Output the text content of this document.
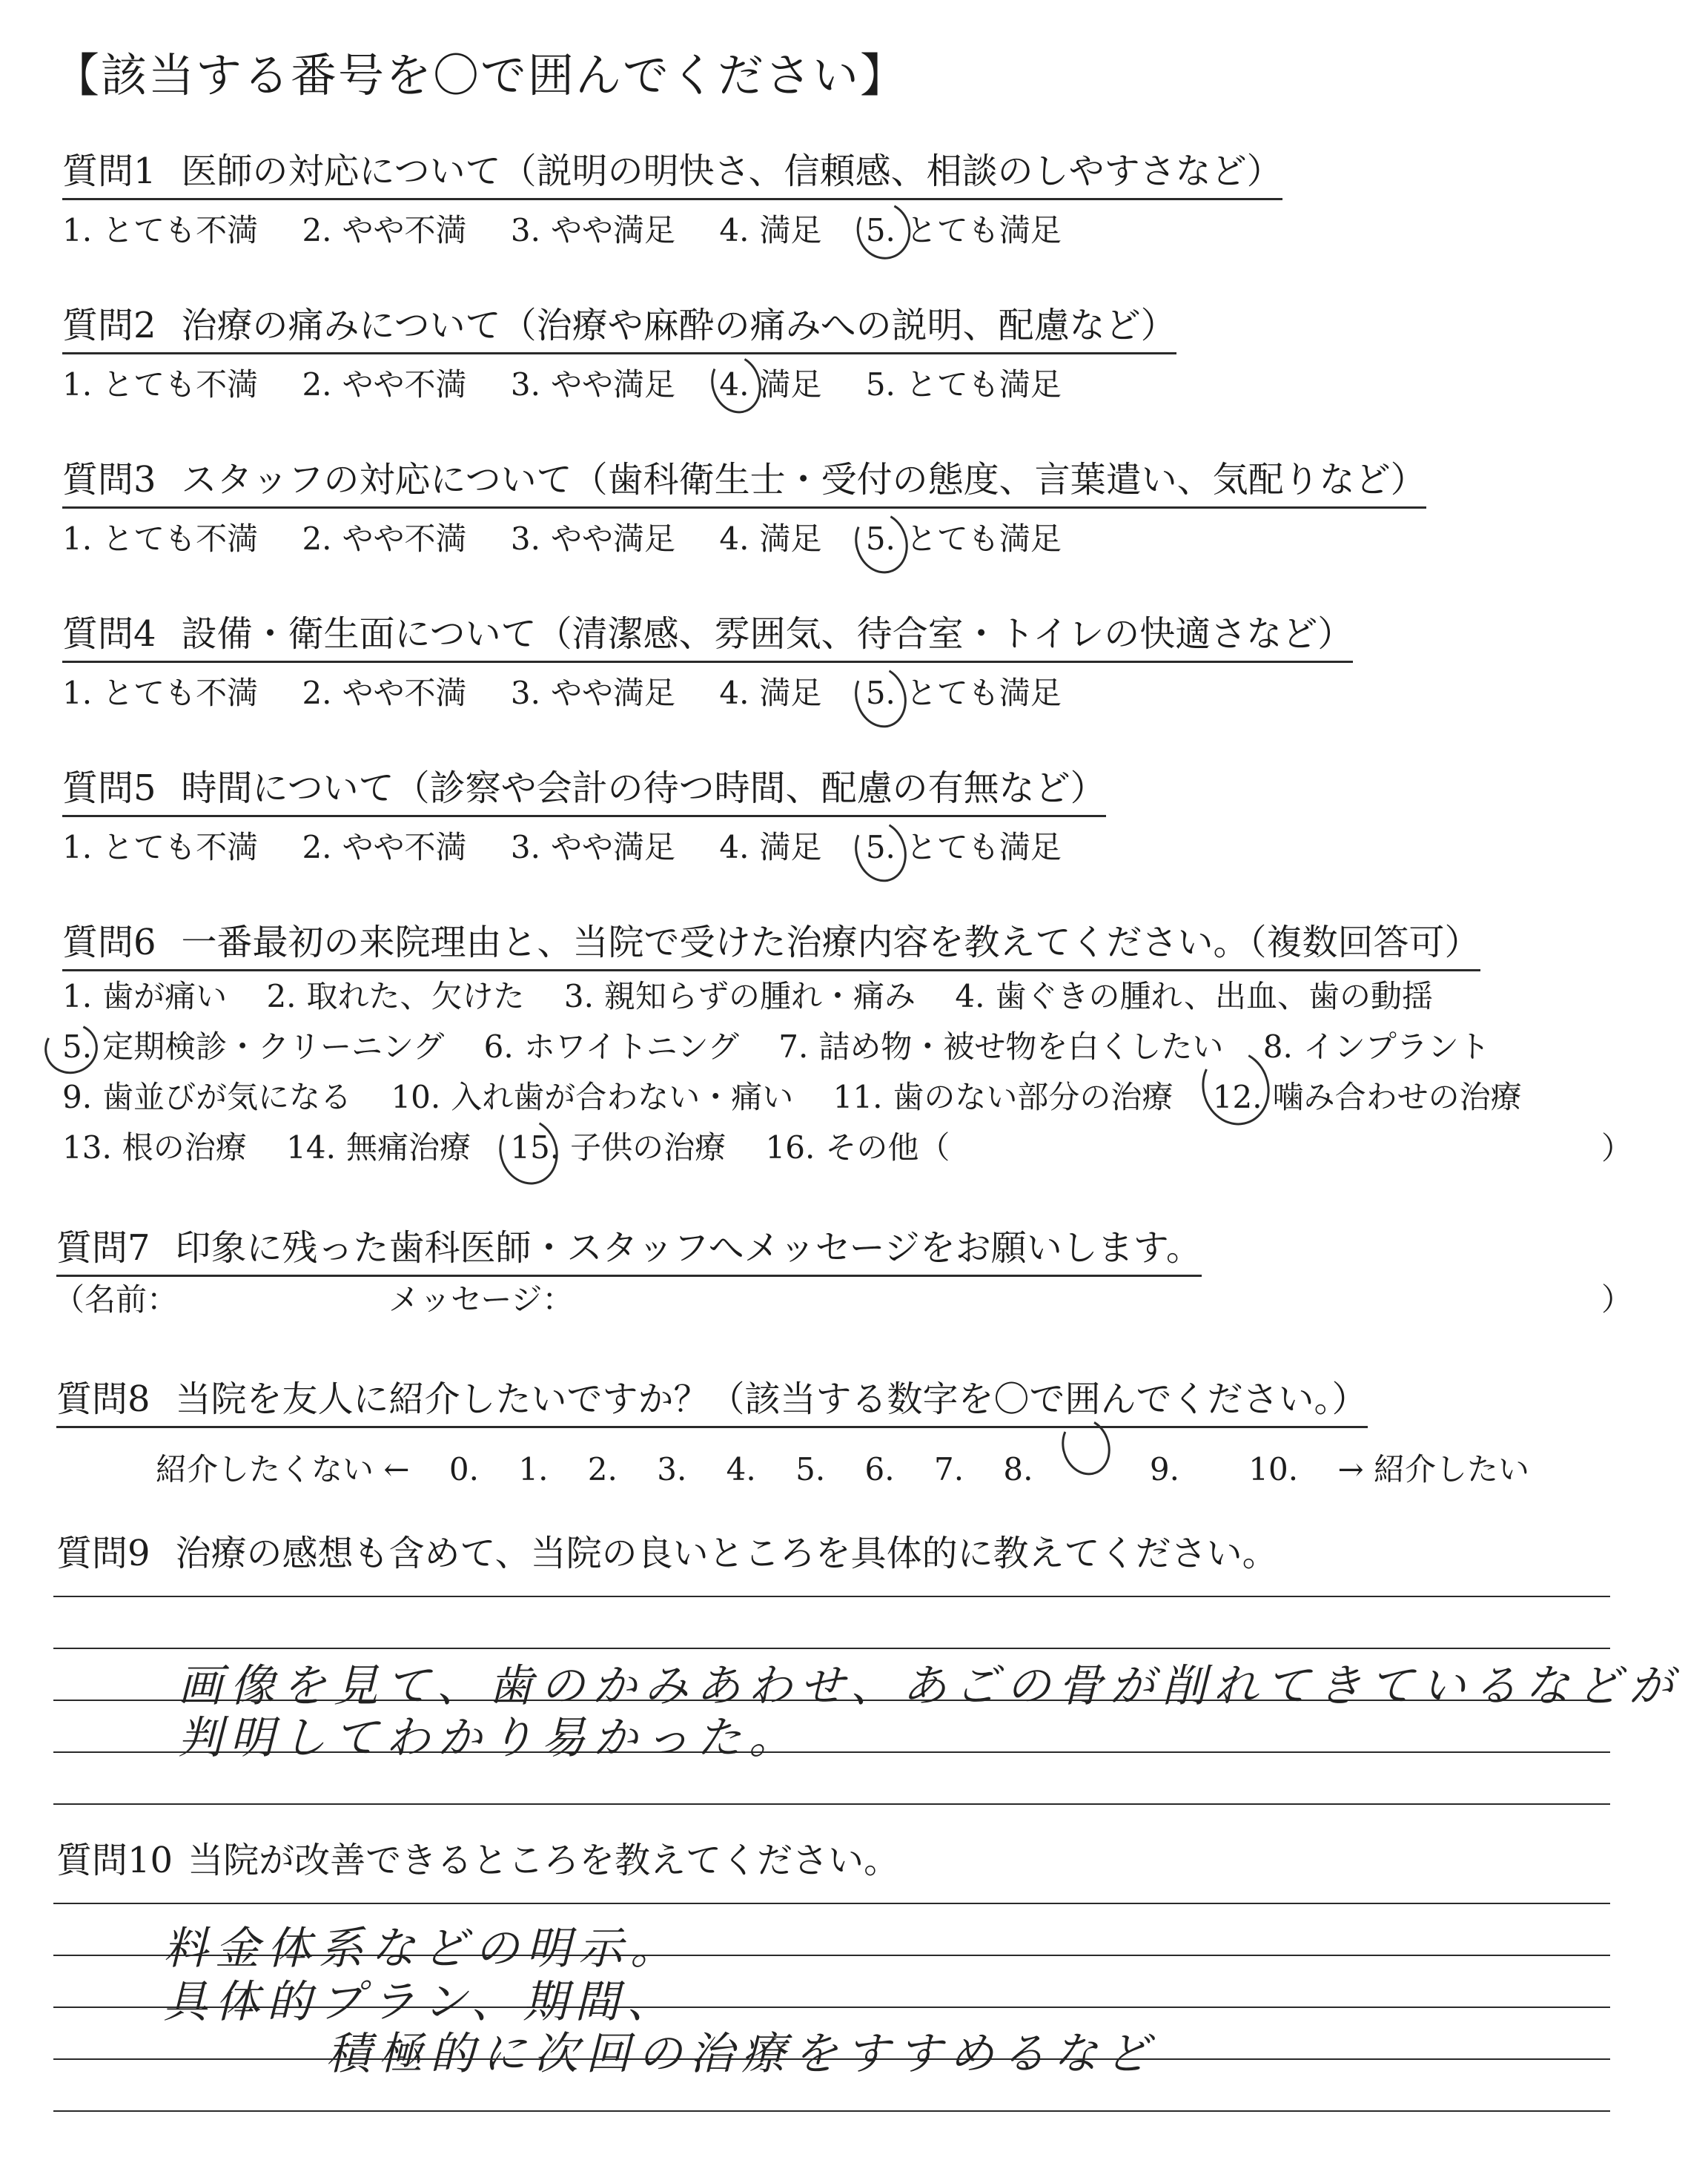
【該当する番号を〇で囲んでください】
質問1 医師の対応について（説明の明快さ、信頼感、相談のしやすさなど）
1. とても不満 2. やや不満 3. やや満足 4. 満足 5. とても満足
質問2 治療の痛みについて（治療や麻酔の痛みへの説明、配慮など）
1. とても不満 2. やや不満 3. やや満足 4. 満足 5. とても満足
質問3 スタッフの対応について（歯科衛生士・受付の態度、言葉遣い、気配りなど）
1. とても不満 2. やや不満 3. やや満足 4. 満足 5. とても満足
質問4 設備・衛生面について（清潔感、雰囲気、待合室・トイレの快適さなど）
1. とても不満 2. やや不満 3. やや満足 4. 満足 5. とても満足
質問5 時間について（診察や会計の待つ時間、配慮の有無など）
1. とても不満 2. やや不満 3. やや満足 4. 満足 5. とても満足
質問6 一番最初の来院理由と、当院で受けた治療内容を教えてください。（複数回答可）
1. 歯が痛い 2. 取れた、欠けた 3. 親知らずの腫れ・痛み 4. 歯ぐきの腫れ、出血、歯の動揺
5. 定期検診・クリーニング 6. ホワイトニング 7. 詰め物・被せ物を白くしたい 8. インプラント
9. 歯並びが気になる 10. 入れ歯が合わない・痛い 11. 歯のない部分の治療 12. 噛み合わせの治療
13. 根の治療 14. 無痛治療 15. 子供の治療 16. その他（	）
質問7 印象に残った歯科医師・スタッフへメッセージをお願いします。
（名前：	メッセージ：	）
質問8 当院を友人に紹介したいですか？（該当する数字を〇で囲んでください。）
紹介したくない ← 0. 1. 2. 3. 4. 5. 6. 7. 8.	9. 10. → 紹介したい
質問9 治療の感想も含めて、当院の良いところを具体的に教えてください。
画像を見て、歯のかみあわせ、あごの骨が削れてきているなどが
判明してわかり易かった。
質問10 当院が改善できるところを教えてください。
料金体系などの明示。
具体的プラン、期間、
積極的に次回の治療をすすめるなど
